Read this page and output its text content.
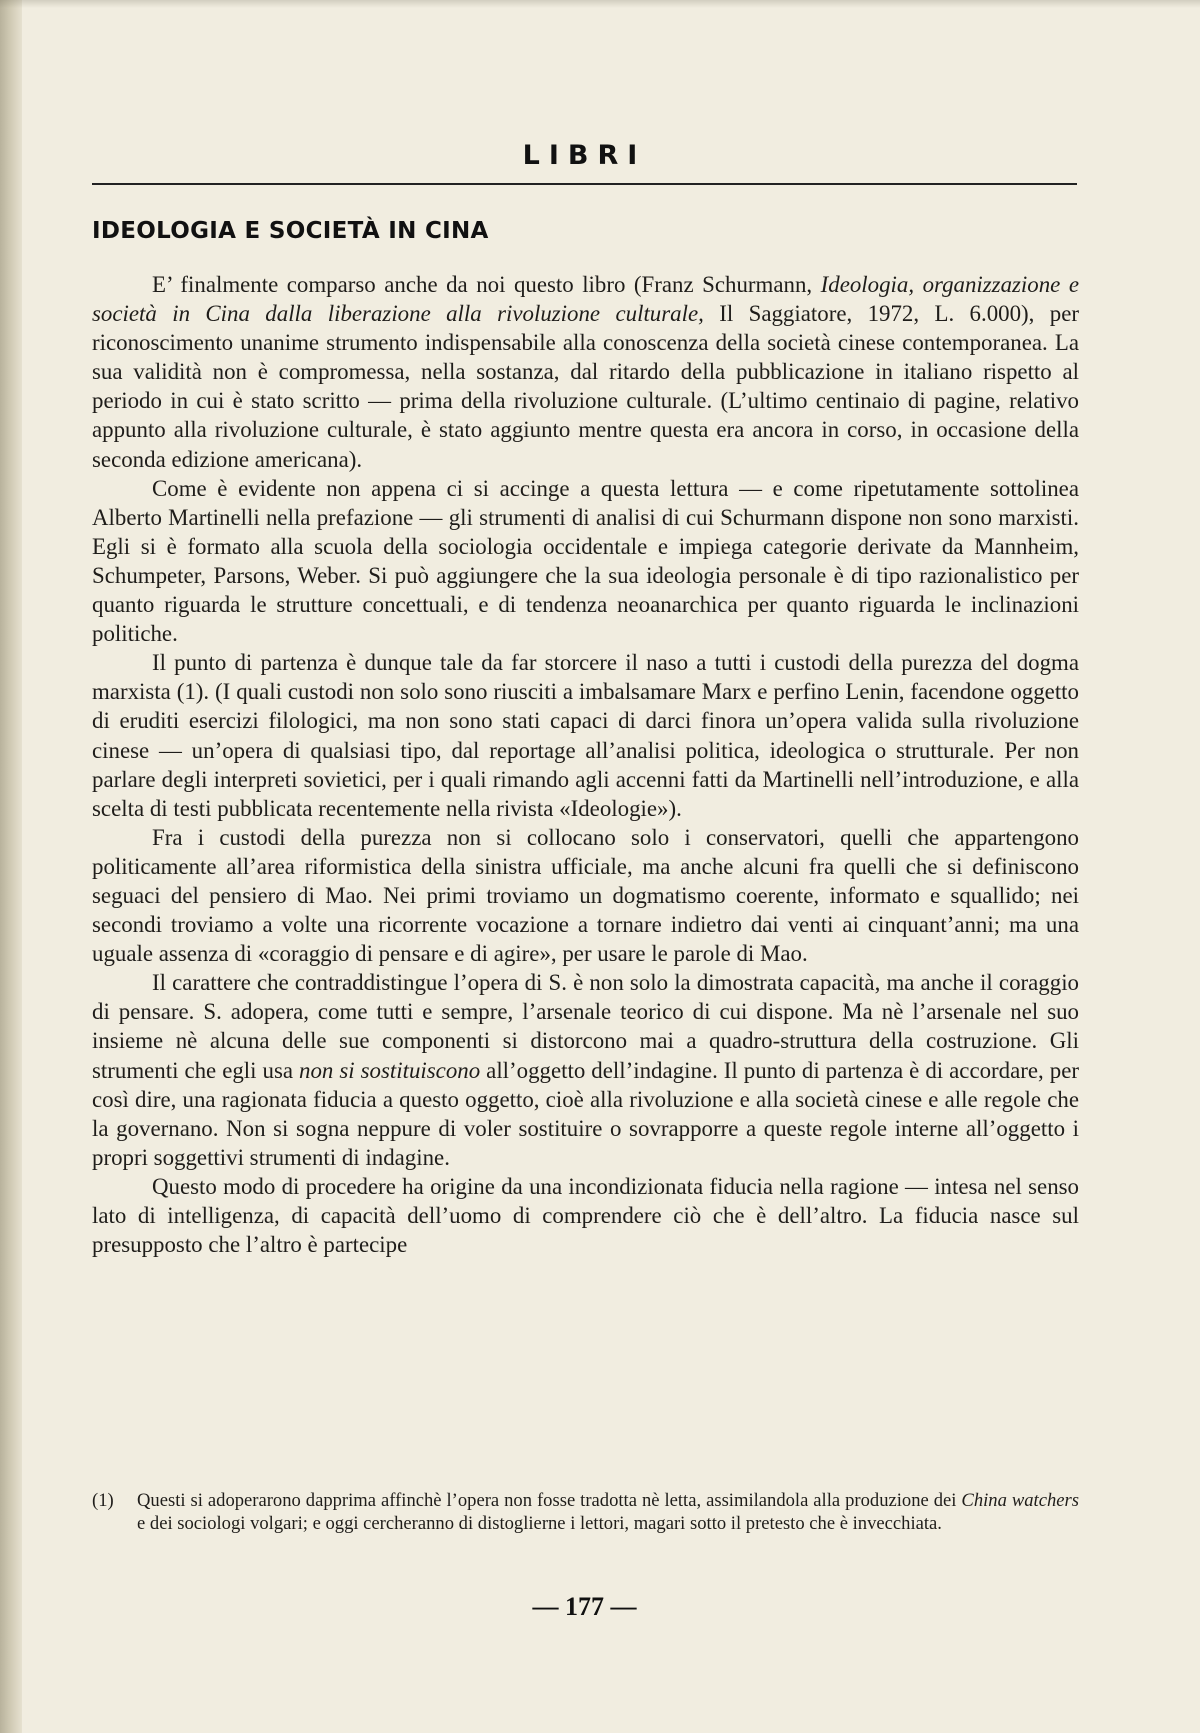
LIBRI
IDEOLOGIA E SOCIETÀ IN CINA

E’ finalmente comparso anche da noi questo libro (Franz Schurmann, Ideologia, organizzazione e società in Cina dalla liberazione alla rivoluzione culturale, Il Saggiatore, 1972, L. 6.000), per riconoscimento unanime strumento indispensabile alla conoscenza della società cinese contemporanea. La sua validità non è compromessa, nella sostanza, dal ritardo della pubblicazione in italiano rispetto al periodo in cui è stato scritto — prima della rivoluzione culturale. (L’ultimo centinaio di pagine, relativo appunto alla rivoluzione culturale, è stato aggiunto mentre questa era ancora in corso, in occasione della seconda edizione americana).

Come è evidente non appena ci si accinge a questa lettura — e come ripetutamente sottolinea Alberto Martinelli nella prefazione — gli strumenti di analisi di cui Schurmann dispone non sono marxisti. Egli si è formato alla scuola della sociologia occidentale e impiega categorie derivate da Mannheim, Schumpeter, Parsons, Weber. Si può aggiungere che la sua ideologia personale è di tipo razionalistico per quanto riguarda le strutture concettuali, e di tendenza neoanarchica per quanto riguarda le inclinazioni politiche.

Il punto di partenza è dunque tale da far storcere il naso a tutti i custodi della purezza del dogma marxista (1). (I quali custodi non solo sono riusciti a imbalsamare Marx e perfino Lenin, facendone oggetto di eruditi esercizi filologici, ma non sono stati capaci di darci finora un’opera valida sulla rivoluzione cinese — un’opera di qualsiasi tipo, dal reportage all’analisi politica, ideologica o strutturale. Per non parlare degli interpreti sovietici, per i quali rimando agli accenni fatti da Martinelli nell’introduzione, e alla scelta di testi pubblicata recentemente nella rivista «Ideologie»).

Fra i custodi della purezza non si collocano solo i conservatori, quelli che appartengono politicamente all’area riformistica della sinistra ufficiale, ma anche alcuni fra quelli che si definiscono seguaci del pensiero di Mao. Nei primi troviamo un dogmatismo coerente, informato e squallido; nei secondi troviamo a volte una ricorrente vocazione a tornare indietro dai venti ai cinquant’anni; ma una uguale assenza di «coraggio di pensare e di agire», per usare le parole di Mao.

Il carattere che contraddistingue l’opera di S. è non solo la dimostrata capacità, ma anche il coraggio di pensare. S. adopera, come tutti e sempre, l’arsenale teorico di cui dispone. Ma nè l’arsenale nel suo insieme nè alcuna delle sue componenti si distorcono mai a quadro-struttura della costruzione. Gli strumenti che egli usa non si sostituiscono all’oggetto dell’indagine. Il punto di partenza è di accordare, per così dire, una ragionata fiducia a questo oggetto, cioè alla rivoluzione e alla società cinese e alle regole che la governano. Non si sogna neppure di voler sostituire o sovrapporre a queste regole interne all’oggetto i propri soggettivi strumenti di indagine.

Questo modo di procedere ha origine da una incondizionata fiducia nella ragione — intesa nel senso lato di intelligenza, di capacità dell’uomo di comprendere ciò che è dell’altro. La fiducia nasce sul presupposto che l’altro è partecipe

(1)	Questi si adoperarono dapprima affinchè l’opera non fosse tradotta nè letta, assimilandola alla produzione dei China watchers e dei sociologi volgari; e oggi cercheranno di distoglierne i lettori, magari sotto il pretesto che è invecchiata.
— 177 —
